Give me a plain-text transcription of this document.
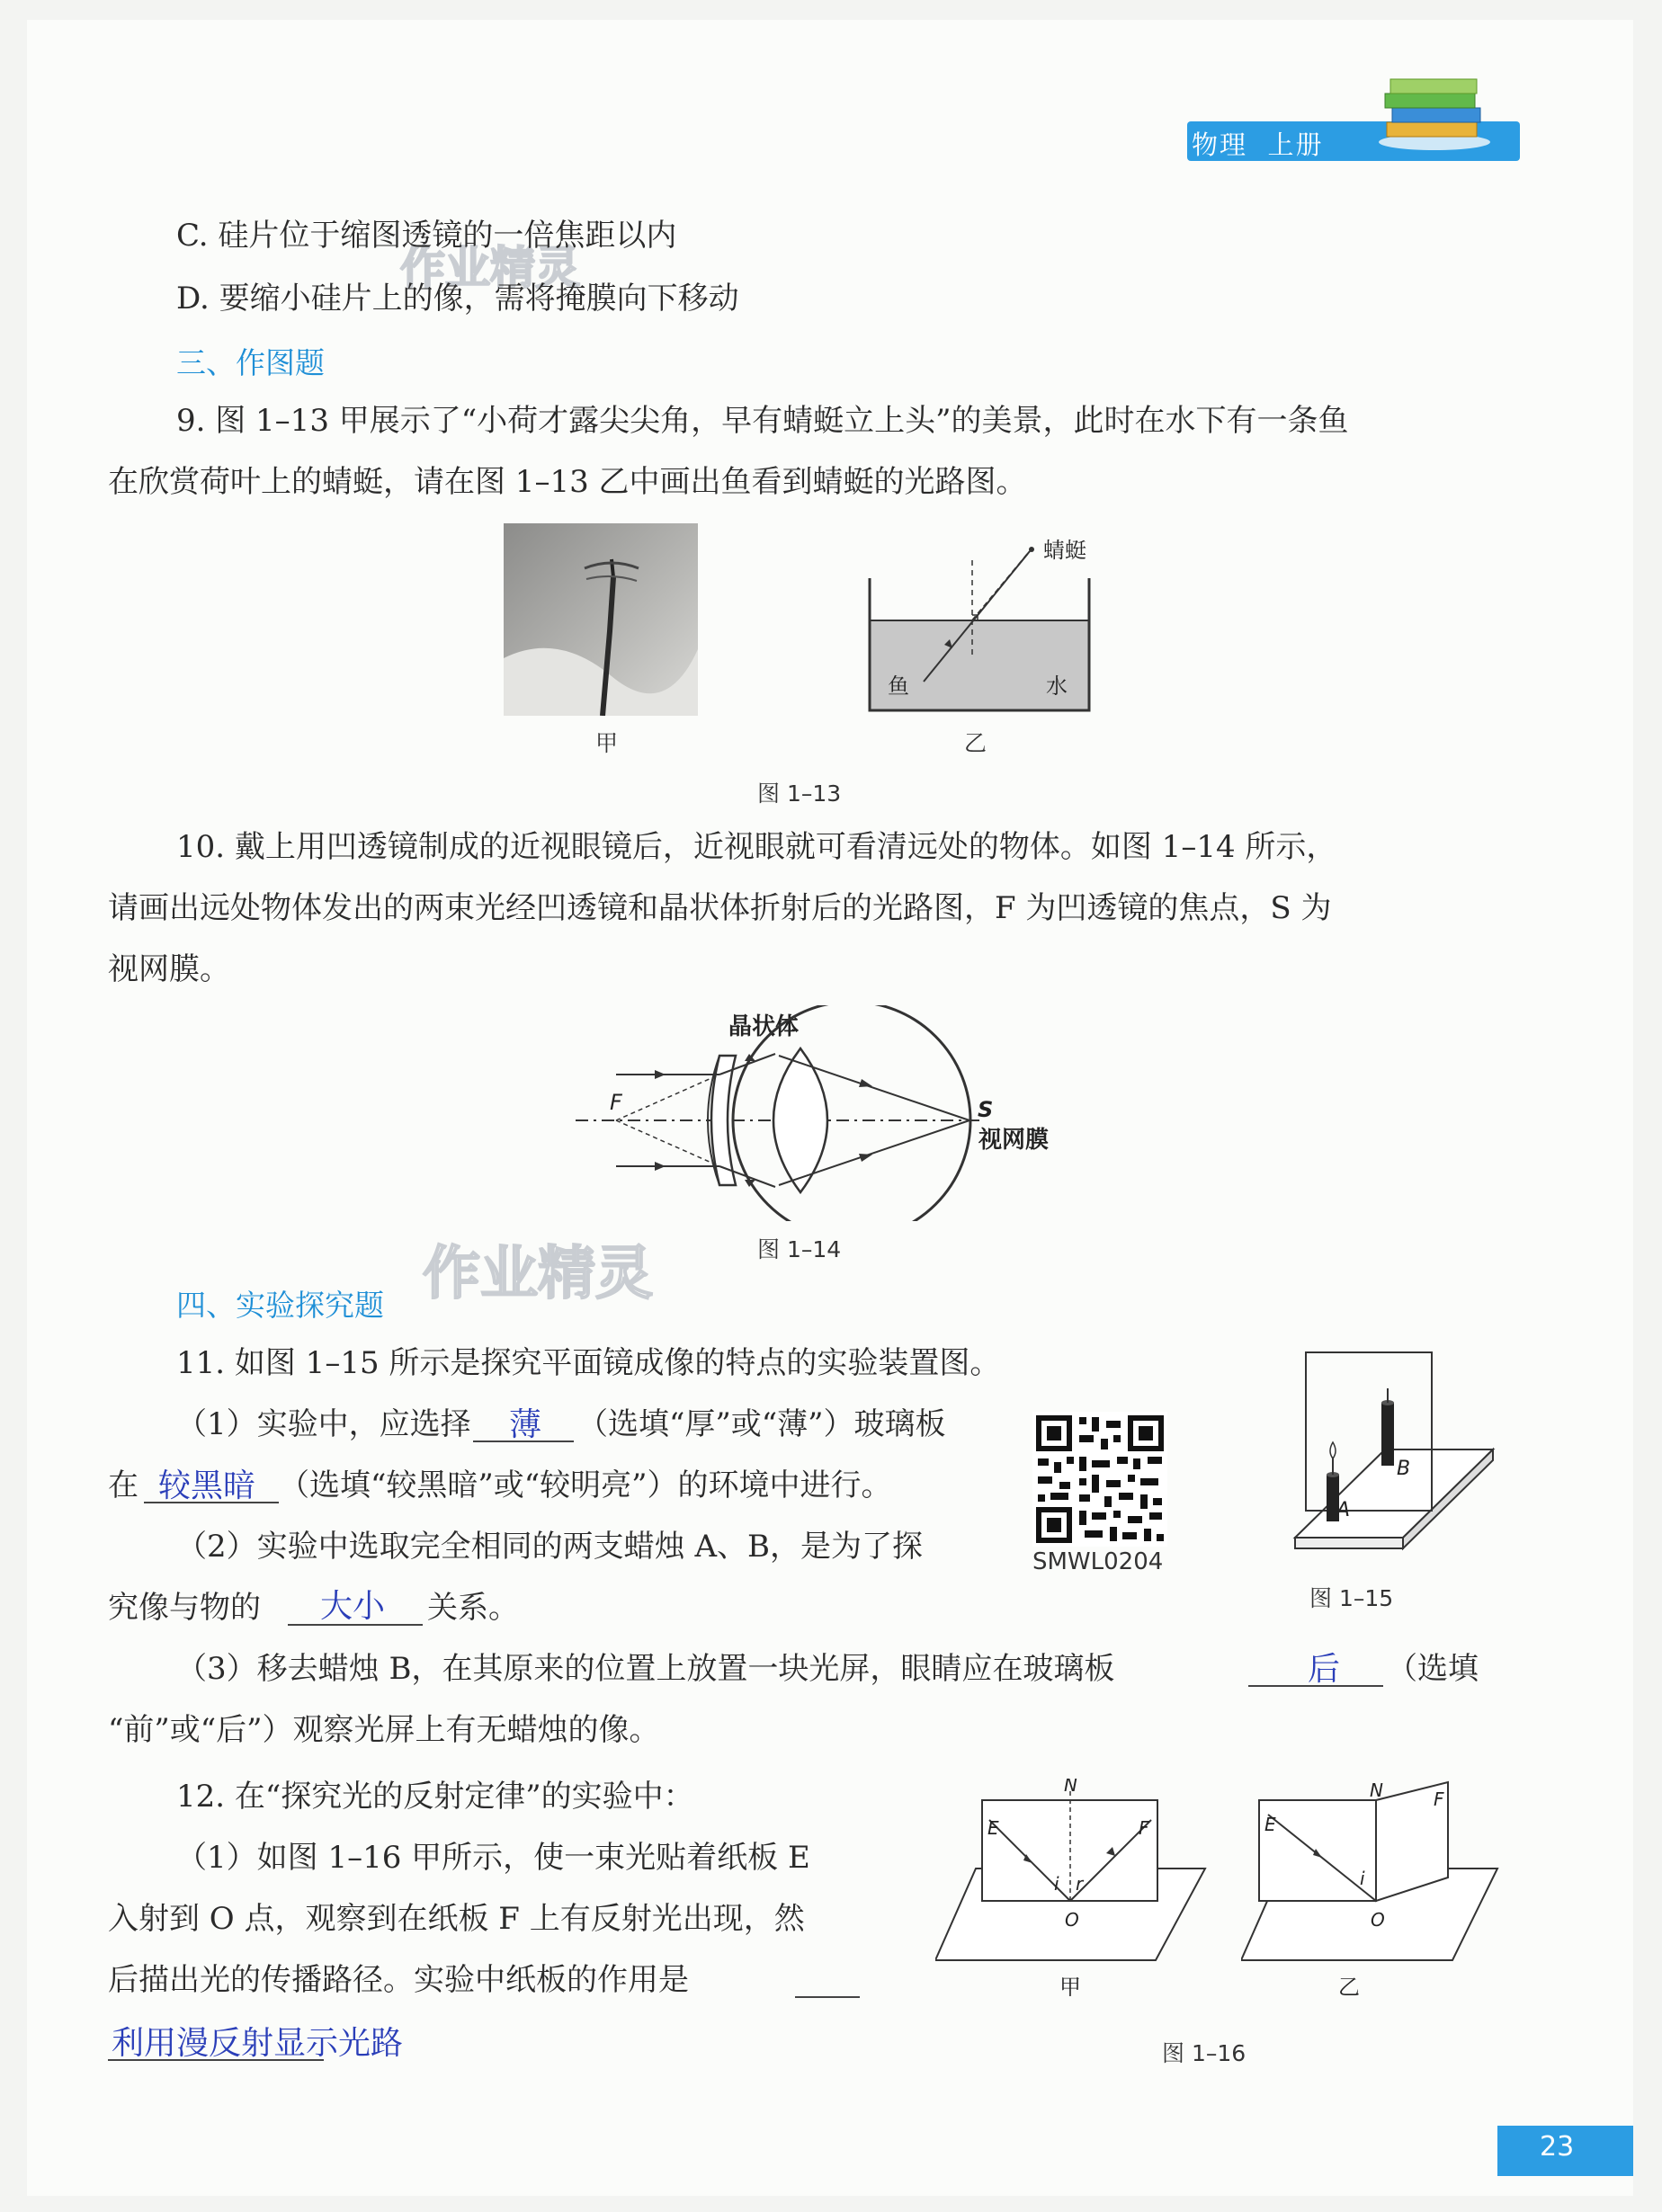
物理 上册
作业精灵
作业精灵
C. 硅片位于缩图透镜的一倍焦距以内
D. 要缩小硅片上的像，需将掩膜向下移动
三、作图题
9. 图 1–13 甲展示了“小荷才露尖尖角，早有蜻蜓立上头”的美景，此时在水下有一条鱼
在欣赏荷叶上的蜻蜓，请在图 1–13 乙中画出鱼看到蜻蜓的光路图。
甲
蜻蜓
鱼	水
乙
图 1–13
10. 戴上用凹透镜制成的近视眼镜后，近视眼就可看清远处的物体。如图 1–14 所示，
请画出远处物体发出的两束光经凹透镜和晶状体折射后的光路图，F 为凹透镜的焦点，S 为
视网膜。
晶状体
F	S
视网膜
图 1–14
四、实验探究题
11. 如图 1–15 所示是探究平面镜成像的特点的实验装置图。
（1）实验中，应选择 薄 （选填“厚”或“薄”）玻璃板
在 较黑暗 （选填“较黑暗”或“较明亮”）的环境中进行。
（2）实验中选取完全相同的两支蜡烛 A、B，是为了探
究像与物的 大小 关系。
（3）移去蜡烛 B，在其原来的位置上放置一块光屏，眼睛应在玻璃板	后 （选填
“前”或“后”）观察光屏上有无蜡烛的像。
SMWL0204
A
B
图 1–15
12. 在“探究光的反射定律”的实验中：
（1）如图 1–16 甲所示，使一束光贴着纸板 E
入射到 O 点，观察到在纸板 F 上有反射光出现，然
后描出光的传播路径。实验中纸板的作用是
利用漫反射显示光路
N
E	F
i r
O
甲
N
E
F
i
O
乙
图 1–16
23
